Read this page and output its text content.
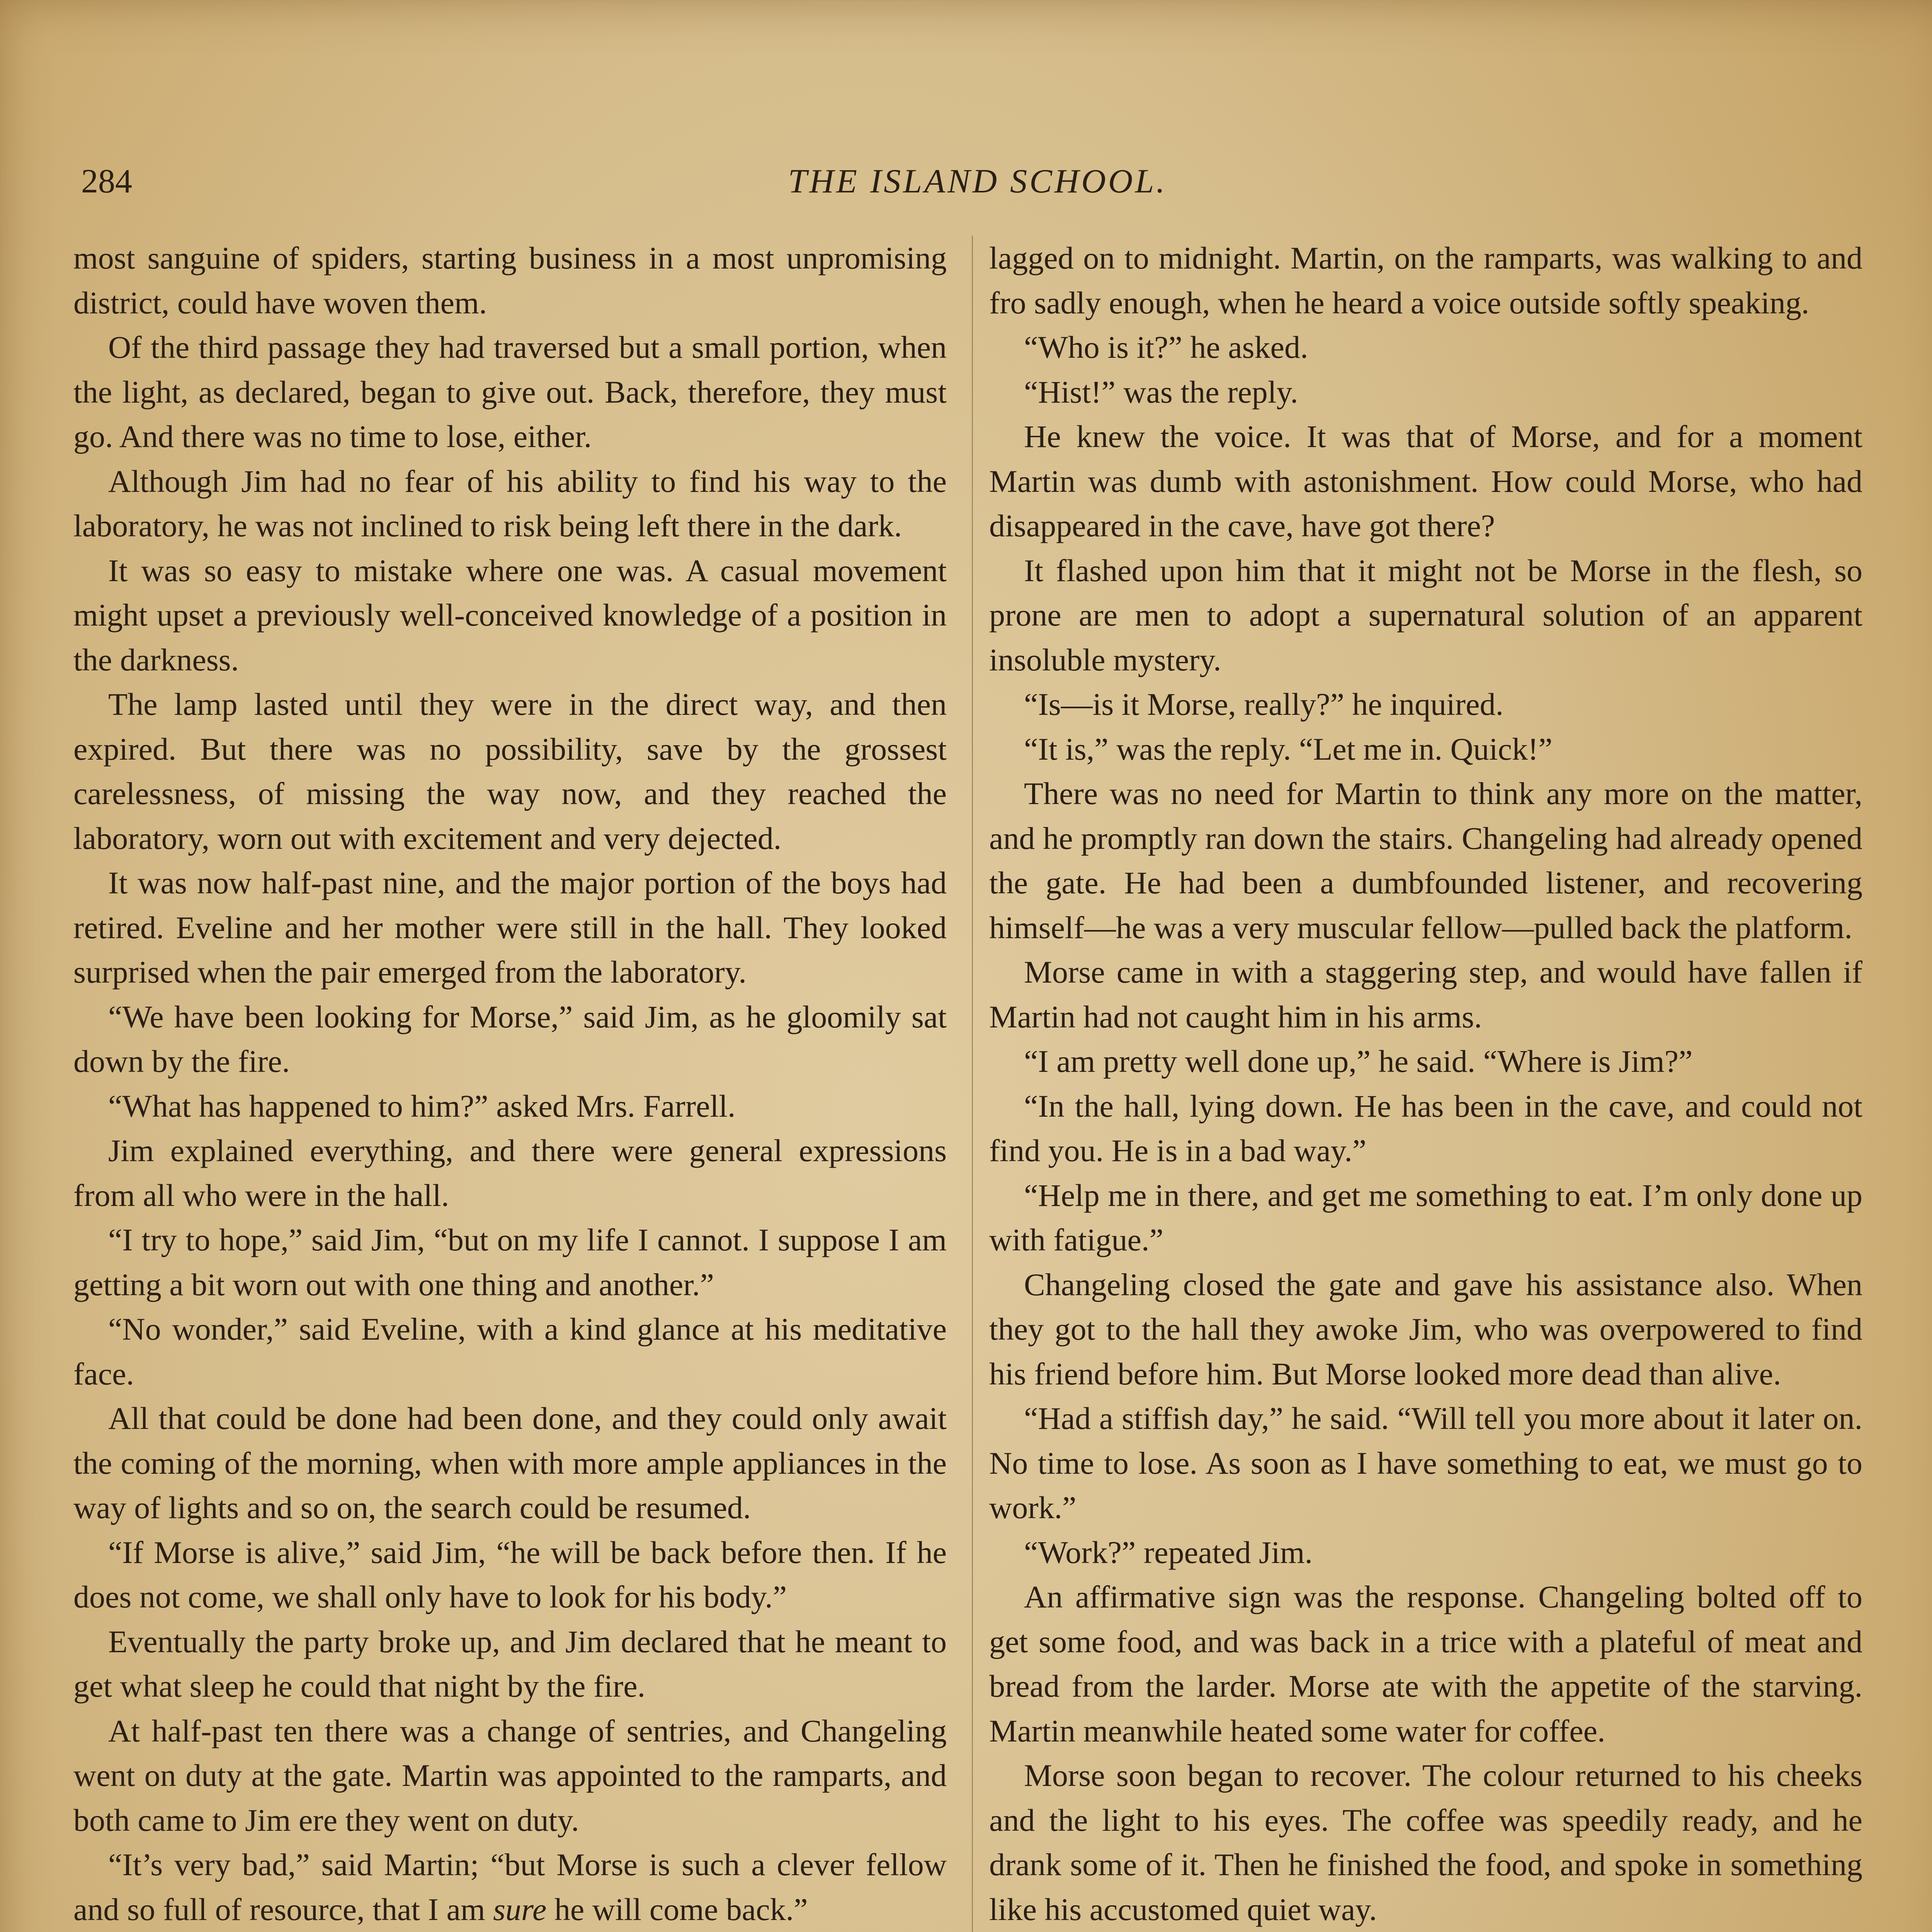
284	THE ISLAND SCHOOL.

most sanguine of spiders, starting business in a most unpromising district, could have woven them.

Of the third passage they had traversed but a small portion, when the light, as declared, began to give out. Back, therefore, they must go. And there was no time to lose, either.

Although Jim had no fear of his ability to find his way to the laboratory, he was not inclined to risk being left there in the dark.

It was so easy to mistake where one was. A casual movement might upset a previously well-conceived knowledge of a position in the darkness.

The lamp lasted until they were in the direct way, and then expired. But there was no possibility, save by the grossest carelessness, of missing the way now, and they reached the laboratory, worn out with excitement and very dejected.

It was now half-past nine, and the major portion of the boys had retired. Eveline and her mother were still in the hall. They looked surprised when the pair emerged from the laboratory.

“We have been looking for Morse,” said Jim, as he gloomily sat down by the fire.

“What has happened to him?” asked Mrs. Farrell.

Jim explained everything, and there were general expressions from all who were in the hall.

“I try to hope,” said Jim, “but on my life I cannot. I suppose I am getting a bit worn out with one thing and another.”

“No wonder,” said Eveline, with a kind glance at his meditative face.

All that could be done had been done, and they could only await the coming of the morning, when with more ample appliances in the way of lights and so on, the search could be resumed.

“If Morse is alive,” said Jim, “he will be back before then. If he does not come, we shall only have to look for his body.”

Eventually the party broke up, and Jim declared that he meant to get what sleep he could that night by the fire.

At half-past ten there was a change of sentries, and Changeling went on duty at the gate. Martin was appointed to the ramparts, and both came to Jim ere they went on duty.

“It’s very bad,” said Martin; “but Morse is such a clever fellow and so full of resource, that I am sure he will come back.”

lagged on to midnight. Martin, on the ramparts, was walking to and fro sadly enough, when he heard a voice outside softly speaking.

“Who is it?” he asked.

“Hist!” was the reply.

He knew the voice. It was that of Morse, and for a moment Martin was dumb with astonishment. How could Morse, who had disappeared in the cave, have got there?

It flashed upon him that it might not be Morse in the flesh, so prone are men to adopt a supernatural solution of an apparent insoluble mystery.

“Is—is it Morse, really?” he inquired.

“It is,” was the reply. “Let me in. Quick!”

There was no need for Martin to think any more on the matter, and he promptly ran down the stairs. Changeling had already opened the gate. He had been a dumbfounded listener, and recovering himself—he was a very muscular fellow—pulled back the platform.

Morse came in with a staggering step, and would have fallen if Martin had not caught him in his arms.

“I am pretty well done up,” he said. “Where is Jim?”

“In the hall, lying down. He has been in the cave, and could not find you. He is in a bad way.”

“Help me in there, and get me something to eat. I’m only done up with fatigue.”

Changeling closed the gate and gave his assistance also. When they got to the hall they awoke Jim, who was overpowered to find his friend before him. But Morse looked more dead than alive.

“Had a stiffish day,” he said. “Will tell you more about it later on. No time to lose. As soon as I have something to eat, we must go to work.”

“Work?” repeated Jim.

An affirmative sign was the response. Changeling bolted off to get some food, and was back in a trice with a plateful of meat and bread from the larder. Morse ate with the appetite of the starving. Martin meanwhile heated some water for coffee.

Morse soon began to recover. The colour returned to his cheeks and the light to his eyes. The coffee was speedily ready, and he drank some of it. Then he finished the food, and spoke in something like his accustomed quiet way.
